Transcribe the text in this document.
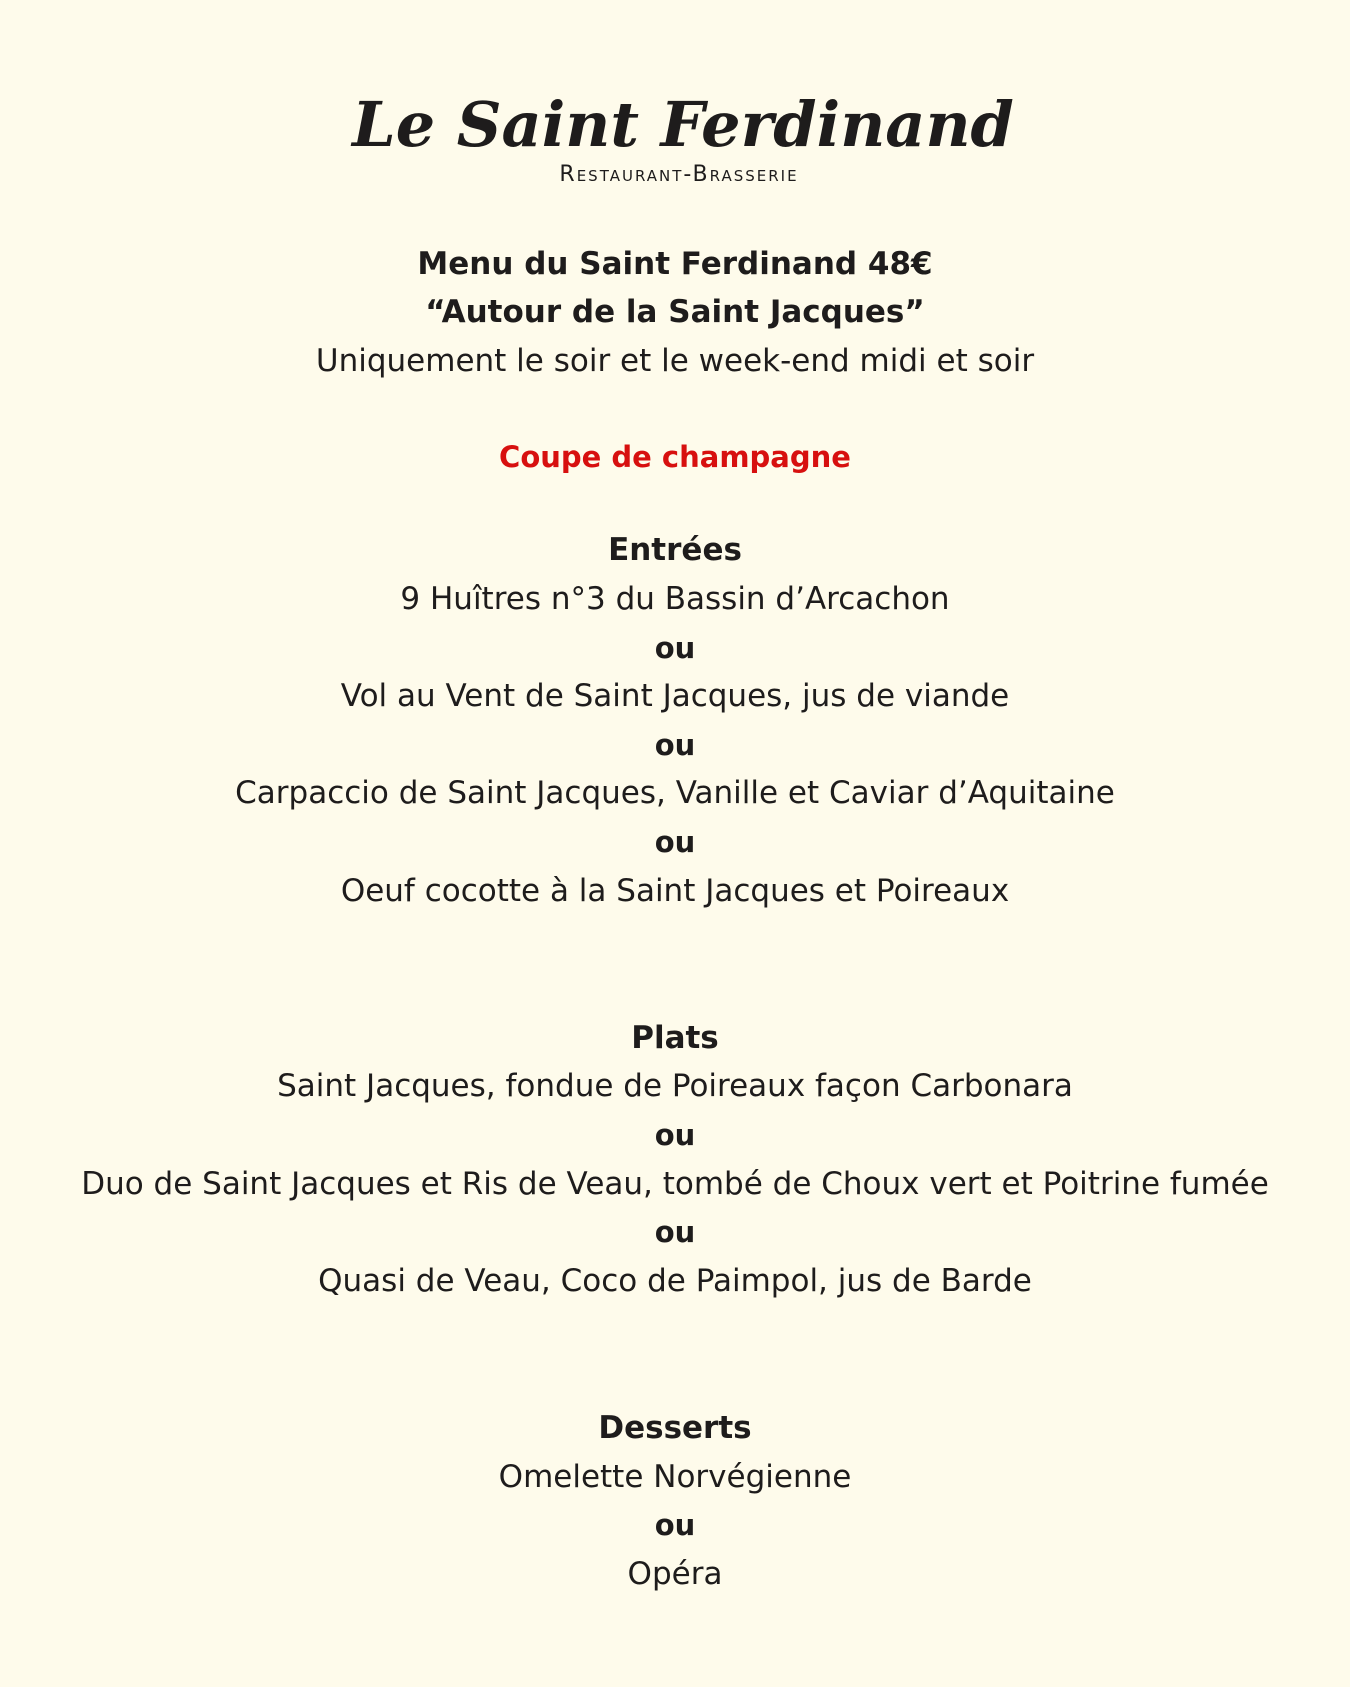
Le Saint Ferdinand
Restaurant-Brasserie
Menu du Saint Ferdinand 48€
“Autour de la Saint Jacques”
Uniquement le soir et le week-end midi et soir
Coupe de champagne
Entrées
9 Huîtres n°3 du Bassin d’Arcachon
ou
Vol au Vent de Saint Jacques, jus de viande
ou
Carpaccio de Saint Jacques, Vanille et Caviar d’Aquitaine
ou
Oeuf cocotte à la Saint Jacques et Poireaux
Plats
Saint Jacques, fondue de Poireaux façon Carbonara
ou
Duo de Saint Jacques et Ris de Veau, tombé de Choux vert et Poitrine fumée
ou
Quasi de Veau, Coco de Paimpol, jus de Barde
Desserts
Omelette Norvégienne
ou
Opéra
